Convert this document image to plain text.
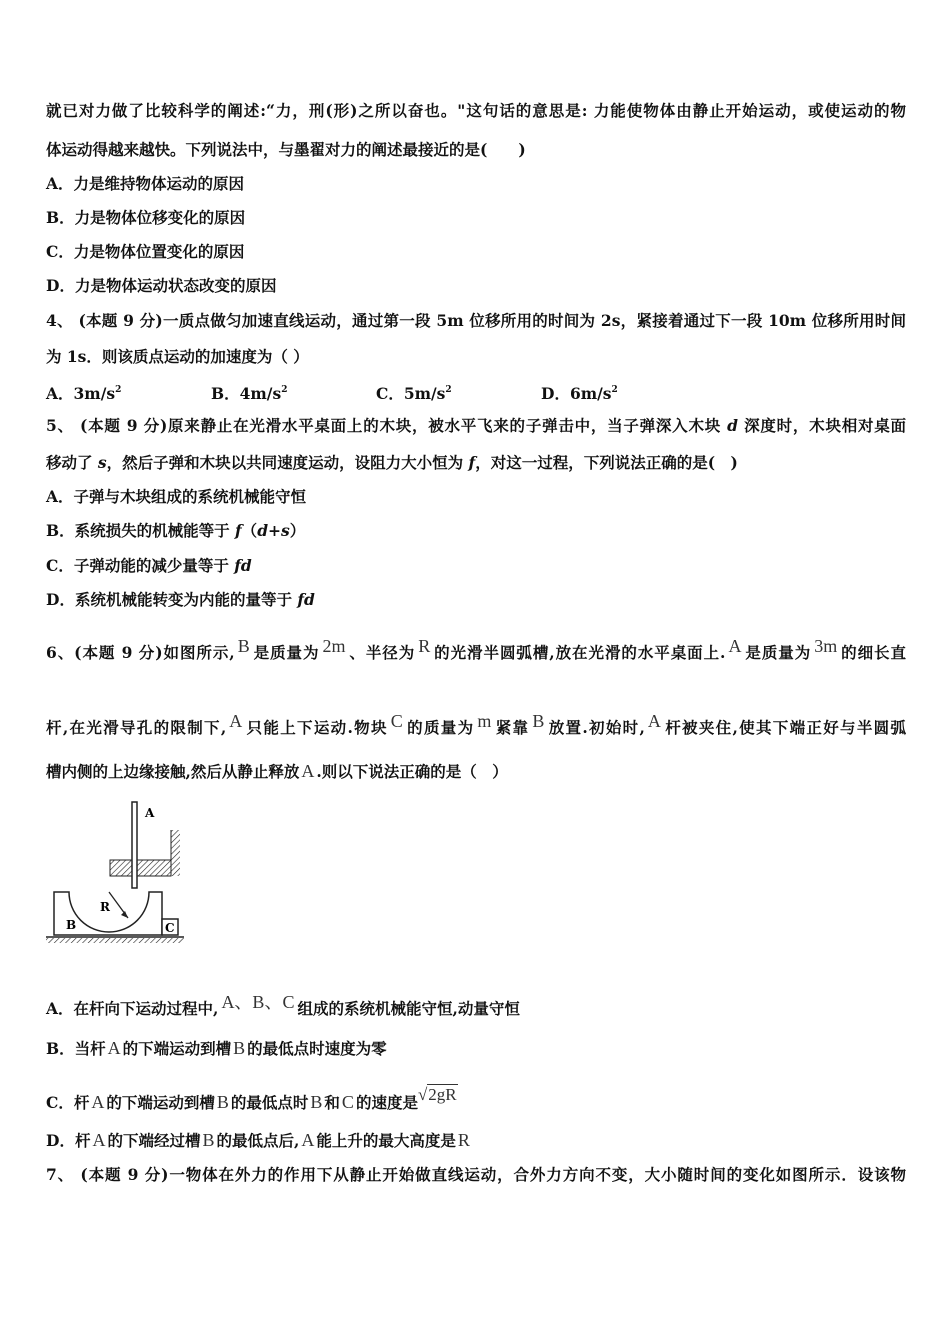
就已对力做了比较科学的阐述:“力，刑(形)之所以奋也。"这句话的意思是: 力能使物体由静止开始运动，或使运动的物
体运动得越来越快。下列说法中，与墨翟对力的阐述最接近的是(　　)
A．力是维持物体运动的原因
B．力是物体位移变化的原因
C．力是物体位置变化的原因
D．力是物体运动状态改变的原因
4、 (本题 9 分)一质点做匀加速直线运动，通过第一段 5m 位移所用的时间为 2s，紧接着通过下一段 10m 位移所用时间
为 1s．则该质点运动的加速度为（ ）
A．$3m/s^2$	B．$4m/s^2$	C．$5m/s^2$	D．$6m/s^2$
5、 (本题 9 分)原来静止在光滑水平桌面上的木块，被水平飞来的子弹击中，当子弹深入木块 d 深度时，木块相对桌面
移动了 s，然后子弹和木块以共同速度运动，设阻力大小恒为 f，对这一过程，下列说法正确的是(　)
A．子弹与木块组成的系统机械能守恒
B．系统损失的机械能等于 f（d+s）
C．子弹动能的减少量等于 fd
D．系统机械能转变为内能的量等于 fd
6、(本题 9 分)如图所示, B 是质量为 2m 、半径为 R 的光滑半圆弧槽,放在光滑的水平桌面上. A 是质量为 3m 的细长直
杆,在光滑导孔的限制下, A 只能上下运动.物块 C 的质量为 m 紧靠 B 放置.初始时, A 杆被夹住,使其下端正好与半圆弧
槽内侧的上边缘接触,然后从静止释放 A .则以下说法正确的是（　）
A
B
R
C
A．在杆向下运动过程中, A、B、C 组成的系统机械能守恒,动量守恒
B．当杆 A 的下端运动到槽 B 的最低点时速度为零
C．杆 A 的下端运动到槽 B 的最低点时 B 和 C 的速度是√2gR
D．杆 A 的下端经过槽 B 的最低点后, A 能上升的最大高度是 R
7、 (本题 9 分)一物体在外力的作用下从静止开始做直线运动，合外力方向不变，大小随时间的变化如图所示．设该物
